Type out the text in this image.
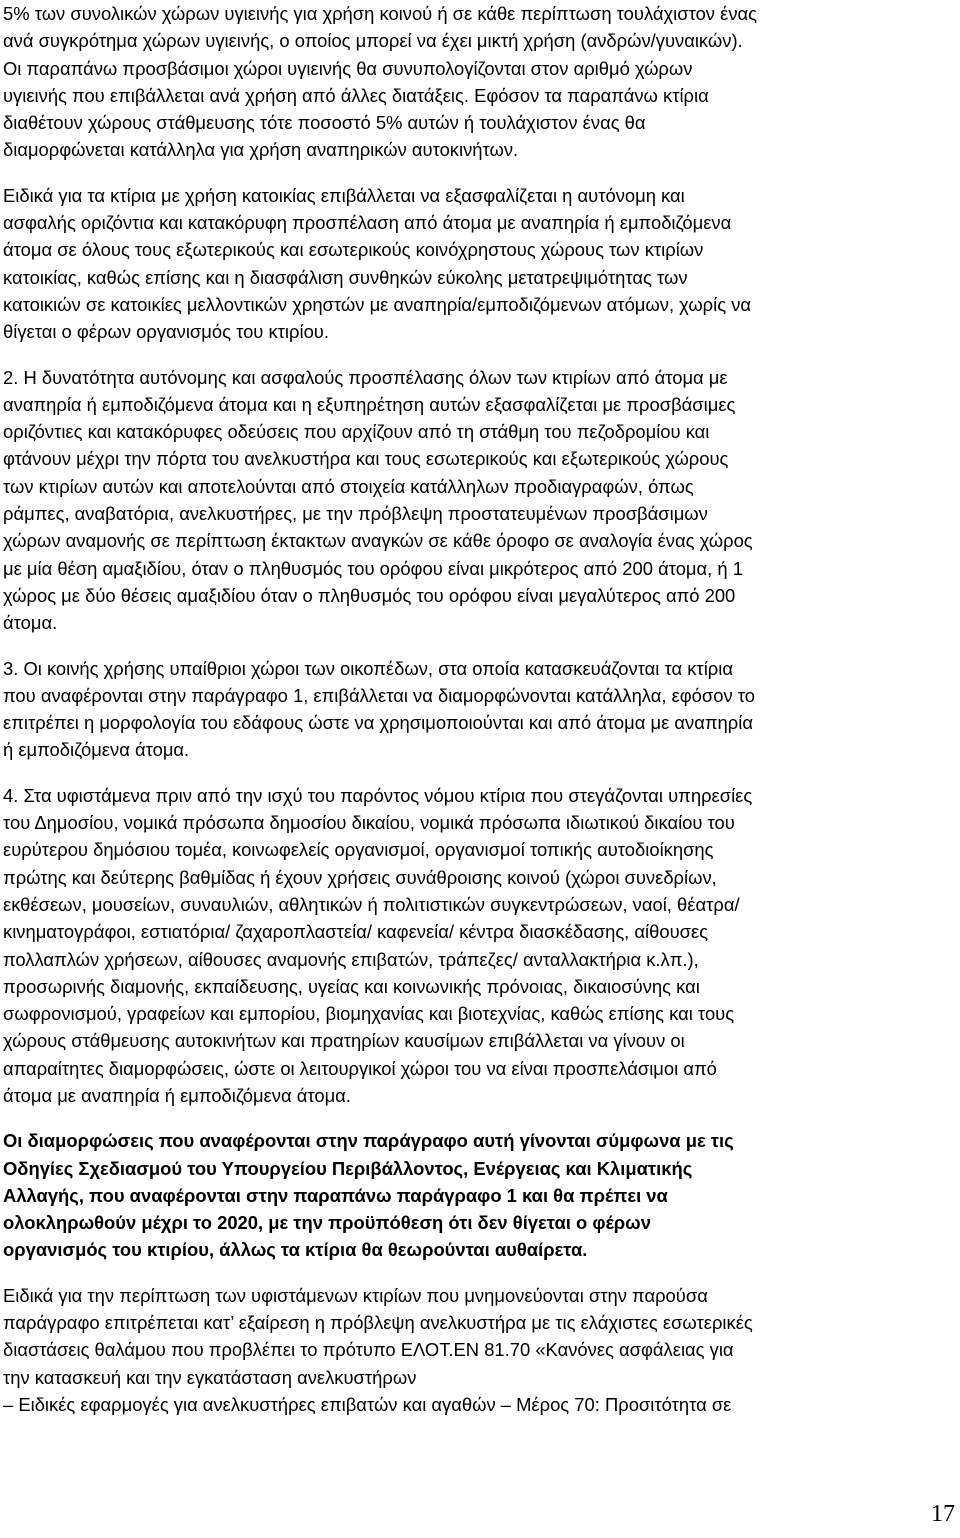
5% των συνολικών χώρων υγιεινής για χρήση κοινού ή σε κάθε περίπτωση τουλάχιστον ένας
ανά συγκρότημα χώρων υγιεινής, ο οποίος μπορεί να έχει μικτή χρήση (ανδρών/γυναικών).
Οι παραπάνω προσβάσιμοι χώροι υγιεινής θα συνυπολογίζονται στον αριθμό χώρων
υγιεινής που επιβάλλεται ανά χρήση από άλλες διατάξεις. Εφόσον τα παραπάνω κτίρια
διαθέτουν χώρους στάθμευσης τότε ποσοστό 5% αυτών ή τουλάχιστον ένας θα
διαμορφώνεται κατάλληλα για χρήση αναπηρικών αυτοκινήτων.

Ειδικά για τα κτίρια με χρήση κατοικίας επιβάλλεται να εξασφαλίζεται η αυτόνομη και
ασφαλής οριζόντια και κατακόρυφη προσπέλαση από άτομα με αναπηρία ή εμποδιζόμενα
άτομα σε όλους τους εξωτερικούς και εσωτερικούς κοινόχρηστους χώρους των κτιρίων
κατοικίας, καθώς επίσης και η διασφάλιση συνθηκών εύκολης μετατρεψιμότητας των
κατοικιών σε κατοικίες μελλοντικών χρηστών με αναπηρία/εμποδιζόμενων ατόμων, χωρίς να
θίγεται ο φέρων οργανισμός του κτιρίου.

2. Η δυνατότητα αυτόνομης και ασφαλούς προσπέλασης όλων των κτιρίων από άτομα με
αναπηρία ή εμποδιζόμενα άτομα και η εξυπηρέτηση αυτών εξασφαλίζεται με προσβάσιμες
οριζόντιες και κατακόρυφες οδεύσεις που αρχίζουν από τη στάθμη του πεζοδρομίου και
φτάνουν μέχρι την πόρτα του ανελκυστήρα και τους εσωτερικούς και εξωτερικούς χώρους
των κτιρίων αυτών και αποτελούνται από στοιχεία κατάλληλων προδιαγραφών, όπως
ράμπες, αναβατόρια, ανελκυστήρες, με την πρόβλεψη προστατευμένων προσβάσιμων
χώρων αναμονής σε περίπτωση έκτακτων αναγκών σε κάθε όροφο σε αναλογία ένας χώρος
με μία θέση αμαξιδίου, όταν ο πληθυσμός του ορόφου είναι μικρότερος από 200 άτομα, ή 1
χώρος με δύο θέσεις αμαξιδίου όταν ο πληθυσμός του ορόφου είναι μεγαλύτερος από 200
άτομα.

3. Οι κοινής χρήσης υπαίθριοι χώροι των οικοπέδων, στα οποία κατασκευάζονται τα κτίρια
που αναφέρονται στην παράγραφο 1, επιβάλλεται να διαμορφώνονται κατάλληλα, εφόσον το
επιτρέπει η μορφολογία του εδάφους ώστε να χρησιμοποιούνται και από άτομα με αναπηρία
ή εμποδιζόμενα άτομα.

4. Στα υφιστάμενα πριν από την ισχύ του παρόντος νόμου κτίρια που στεγάζονται υπηρεσίες
του Δημοσίου, νομικά πρόσωπα δημοσίου δικαίου, νομικά πρόσωπα ιδιωτικού δικαίου του
ευρύτερου δημόσιου τομέα, κοινωφελείς οργανισμοί, οργανισμοί τοπικής αυτοδιοίκησης
πρώτης και δεύτερης βαθμίδας ή έχουν χρήσεις συνάθροισης κοινού (χώροι συνεδρίων,
εκθέσεων, μουσείων, συναυλιών, αθλητικών ή πολιτιστικών συγκεντρώσεων, ναοί, θέατρα/
κινηματογράφοι, εστιατόρια/ ζαχαροπλαστεία/ καφενεία/ κέντρα διασκέδασης, αίθουσες
πολλαπλών χρήσεων, αίθουσες αναμονής επιβατών, τράπεζες/ ανταλλακτήρια κ.λπ.),
προσωρινής διαμονής, εκπαίδευσης, υγείας και κοινωνικής πρόνοιας, δικαιοσύνης και
σωφρονισμού, γραφείων και εμπορίου, βιομηχανίας και βιοτεχνίας, καθώς επίσης και τους
χώρους στάθμευσης αυτοκινήτων και πρατηρίων καυσίμων επιβάλλεται να γίνουν οι
απαραίτητες διαμορφώσεις, ώστε οι λειτουργικοί χώροι του να είναι προσπελάσιμοι από
άτομα με αναπηρία ή εμποδιζόμενα άτομα.

Οι διαμορφώσεις που αναφέρονται στην παράγραφο αυτή γίνονται σύμφωνα με τις
Οδηγίες Σχεδιασμού του Υπουργείου Περιβάλλοντος, Ενέργειας και Κλιματικής
Αλλαγής, που αναφέρονται στην παραπάνω παράγραφο 1 και θα πρέπει να
ολοκληρωθούν μέχρι το 2020, με την προϋπόθεση ότι δεν θίγεται ο φέρων
οργανισμός του κτιρίου, άλλως τα κτίρια θα θεωρούνται αυθαίρετα.

Ειδικά για την περίπτωση των υφιστάμενων κτιρίων που μνημονεύονται στην παρούσα
παράγραφο επιτρέπεται κατ’ εξαίρεση η πρόβλεψη ανελκυστήρα με τις ελάχιστες εσωτερικές
διαστάσεις θαλάμου που προβλέπει το πρότυπο ΕΛΟΤ.ΕΝ 81.70 «Κανόνες ασφάλειας για
την κατασκευή και την εγκατάσταση ανελκυστήρων
– Ειδικές εφαρμογές για ανελκυστήρες επιβατών και αγαθών – Μέρος 70: Προσιτότητα σε

17
